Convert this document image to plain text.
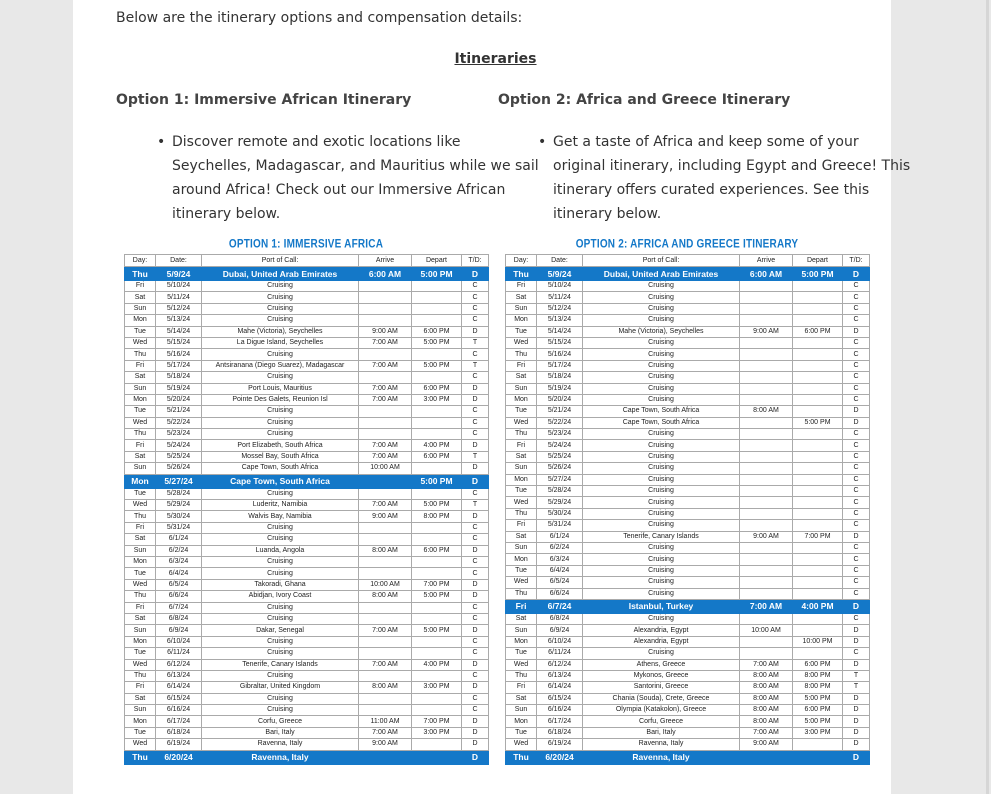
Below are the itinerary options and compensation details:
Itineraries
Option 1: Immersive African Itinerary	Option 2: Africa and Greece Itinerary
• Discover remote and exotic locations like
Seychelles, Madagascar, and Mauritius while we sail
around Africa! Check out our Immersive African
itinerary below.
• Get a taste of Africa and keep some of your
original itinerary, including Egypt and Greece! This
itinerary offers curated experiences. See this
itinerary below.
OPTION 1: IMMERSIVE AFRICA	OPTION 2: AFRICA AND GREECE ITINERARY
Day:	Date:	Port of Call:	Arrive	Depart	T/D:
Thu	5/9/24	Dubai, United Arab Emirates	6:00 AM	5:00 PM	D
Fri	5/10/24	Cruising			C
Sat	5/11/24	Cruising			C
Sun	5/12/24	Cruising			C
Mon	5/13/24	Cruising			C
Tue	5/14/24	Mahe (Victoria), Seychelles	9:00 AM	6:00 PM	D
Wed	5/15/24	La Digue Island, Seychelles	7:00 AM	5:00 PM	T
Thu	5/16/24	Cruising			C
Fri	5/17/24	Antsiranana (Diego Suarez), Madagascar	7:00 AM	5:00 PM	T
Sat	5/18/24	Cruising			C
Sun	5/19/24	Port Louis, Mauritius	7:00 AM	6:00 PM	D
Mon	5/20/24	Pointe Des Galets, Reunion Isl	7:00 AM	3:00 PM	D
Tue	5/21/24	Cruising			C
Wed	5/22/24	Cruising			C
Thu	5/23/24	Cruising			C
Fri	5/24/24	Port Elizabeth, South Africa	7:00 AM	4:00 PM	D
Sat	5/25/24	Mossel Bay, South Africa	7:00 AM	6:00 PM	T
Sun	5/26/24	Cape Town, South Africa	10:00 AM		D
Mon	5/27/24	Cape Town, South Africa		5:00 PM	D
Tue	5/28/24	Cruising			C
Wed	5/29/24	Luderitz, Namibia	7:00 AM	5:00 PM	T
Thu	5/30/24	Walvis Bay, Namibia	9:00 AM	8:00 PM	D
Fri	5/31/24	Cruising			C
Sat	6/1/24	Cruising			C
Sun	6/2/24	Luanda, Angola	8:00 AM	6:00 PM	D
Mon	6/3/24	Cruising			C
Tue	6/4/24	Cruising			C
Wed	6/5/24	Takoradi, Ghana	10:00 AM	7:00 PM	D
Thu	6/6/24	Abidjan, Ivory Coast	8:00 AM	5:00 PM	D
Fri	6/7/24	Cruising			C
Sat	6/8/24	Cruising			C
Sun	6/9/24	Dakar, Senegal	7:00 AM	5:00 PM	D
Mon	6/10/24	Cruising			C
Tue	6/11/24	Cruising			C
Wed	6/12/24	Tenerife, Canary Islands	7:00 AM	4:00 PM	D
Thu	6/13/24	Cruising			C
Fri	6/14/24	Gibraltar, United Kingdom	8:00 AM	3:00 PM	D
Sat	6/15/24	Cruising			C
Sun	6/16/24	Cruising			C
Mon	6/17/24	Corfu, Greece	11:00 AM	7:00 PM	D
Tue	6/18/24	Bari, Italy	7:00 AM	3:00 PM	D
Wed	6/19/24	Ravenna, Italy	9:00 AM		D
Thu	6/20/24	Ravenna, Italy			D
Day:	Date:	Port of Call:	Arrive	Depart	T/D:
Thu	5/9/24	Dubai, United Arab Emirates	6:00 AM	5:00 PM	D
Fri	5/10/24	Cruising			C
Sat	5/11/24	Cruising			C
Sun	5/12/24	Cruising			C
Mon	5/13/24	Cruising			C
Tue	5/14/24	Mahe (Victoria), Seychelles	9:00 AM	6:00 PM	D
Wed	5/15/24	Cruising			C
Thu	5/16/24	Cruising			C
Fri	5/17/24	Cruising			C
Sat	5/18/24	Cruising			C
Sun	5/19/24	Cruising			C
Mon	5/20/24	Cruising			C
Tue	5/21/24	Cape Town, South Africa	8:00 AM		D
Wed	5/22/24	Cape Town, South Africa		5:00 PM	D
Thu	5/23/24	Cruising			C
Fri	5/24/24	Cruising			C
Sat	5/25/24	Cruising			C
Sun	5/26/24	Cruising			C
Mon	5/27/24	Cruising			C
Tue	5/28/24	Cruising			C
Wed	5/29/24	Cruising			C
Thu	5/30/24	Cruising			C
Fri	5/31/24	Cruising			C
Sat	6/1/24	Tenerife, Canary Islands	9:00 AM	7:00 PM	D
Sun	6/2/24	Cruising			C
Mon	6/3/24	Cruising			C
Tue	6/4/24	Cruising			C
Wed	6/5/24	Cruising			C
Thu	6/6/24	Cruising			C
Fri	6/7/24	Istanbul, Turkey	7:00 AM	4:00 PM	D
Sat	6/8/24	Cruising			C
Sun	6/9/24	Alexandria, Egypt	10:00 AM		D
Mon	6/10/24	Alexandria, Egypt		10:00 PM	D
Tue	6/11/24	Cruising			C
Wed	6/12/24	Athens, Greece	7:00 AM	6:00 PM	D
Thu	6/13/24	Mykonos, Greece	8:00 AM	8:00 PM	T
Fri	6/14/24	Santorini, Greece	8:00 AM	8:00 PM	T
Sat	6/15/24	Chania (Souda), Crete, Greece	8:00 AM	5:00 PM	D
Sun	6/16/24	Olympia (Katakolon), Greece	8:00 AM	6:00 PM	D
Mon	6/17/24	Corfu, Greece	8:00 AM	5:00 PM	D
Tue	6/18/24	Bari, Italy	7:00 AM	3:00 PM	D
Wed	6/19/24	Ravenna, Italy	9:00 AM		D
Thu	6/20/24	Ravenna, Italy			D
